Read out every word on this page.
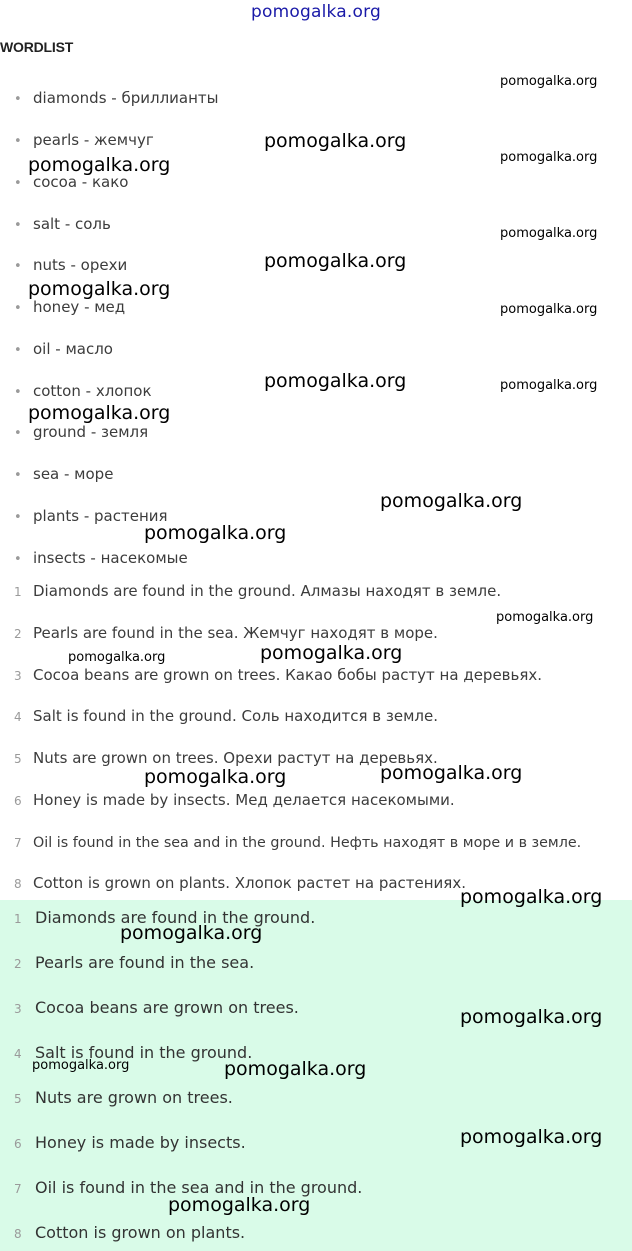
pomogalka.org
WORDLIST
• diamonds - бриллианты
• pearls - жемчуг
• cocoa - како
• salt - соль
• nuts - орехи
• honey - мед
• oil - масло
• cotton - хлопок
• ground - земля
• sea - море
• plants - растения
• insects - насекомые
1 Diamonds are found in the ground. Алмазы находят в земле.
2 Pearls are found in the sea. Жемчуг находят в море.
3 Cocoa beans are grown on trees. Какао бобы растут на деревьях.
4 Salt is found in the ground. Соль находится в земле.
5 Nuts are grown on trees. Орехи растут на деревьях.
6 Honey is made by insects. Мед делается насекомыми.
7 Oil is found in the sea and in the ground. Нефть находят в море и в земле.
8 Cotton is grown on plants. Хлопок растет на растениях.
1 Diamonds are found in the ground.
2 Pearls are found in the sea.
3 Cocoa beans are grown on trees.
4 Salt is found in the ground.
5 Nuts are grown on trees.
6 Honey is made by insects.
7 Oil is found in the sea and in the ground.
8 Cotton is grown on plants.
pomogalka.org
pomogalka.org
pomogalka.org
pomogalka.org
pomogalka.org
pomogalka.org
pomogalka.org
pomogalka.org
pomogalka.org	pomogalka.org
pomogalka.org
pomogalka.org
pomogalka.org
pomogalka.org
pomogalka.org
pomogalka.org
pomogalka.org	pomogalka.org
pomogalka.org
pomogalka.org
pomogalka.org
pomogalka.org	pomogalka.org
pomogalka.org
pomogalka.org
